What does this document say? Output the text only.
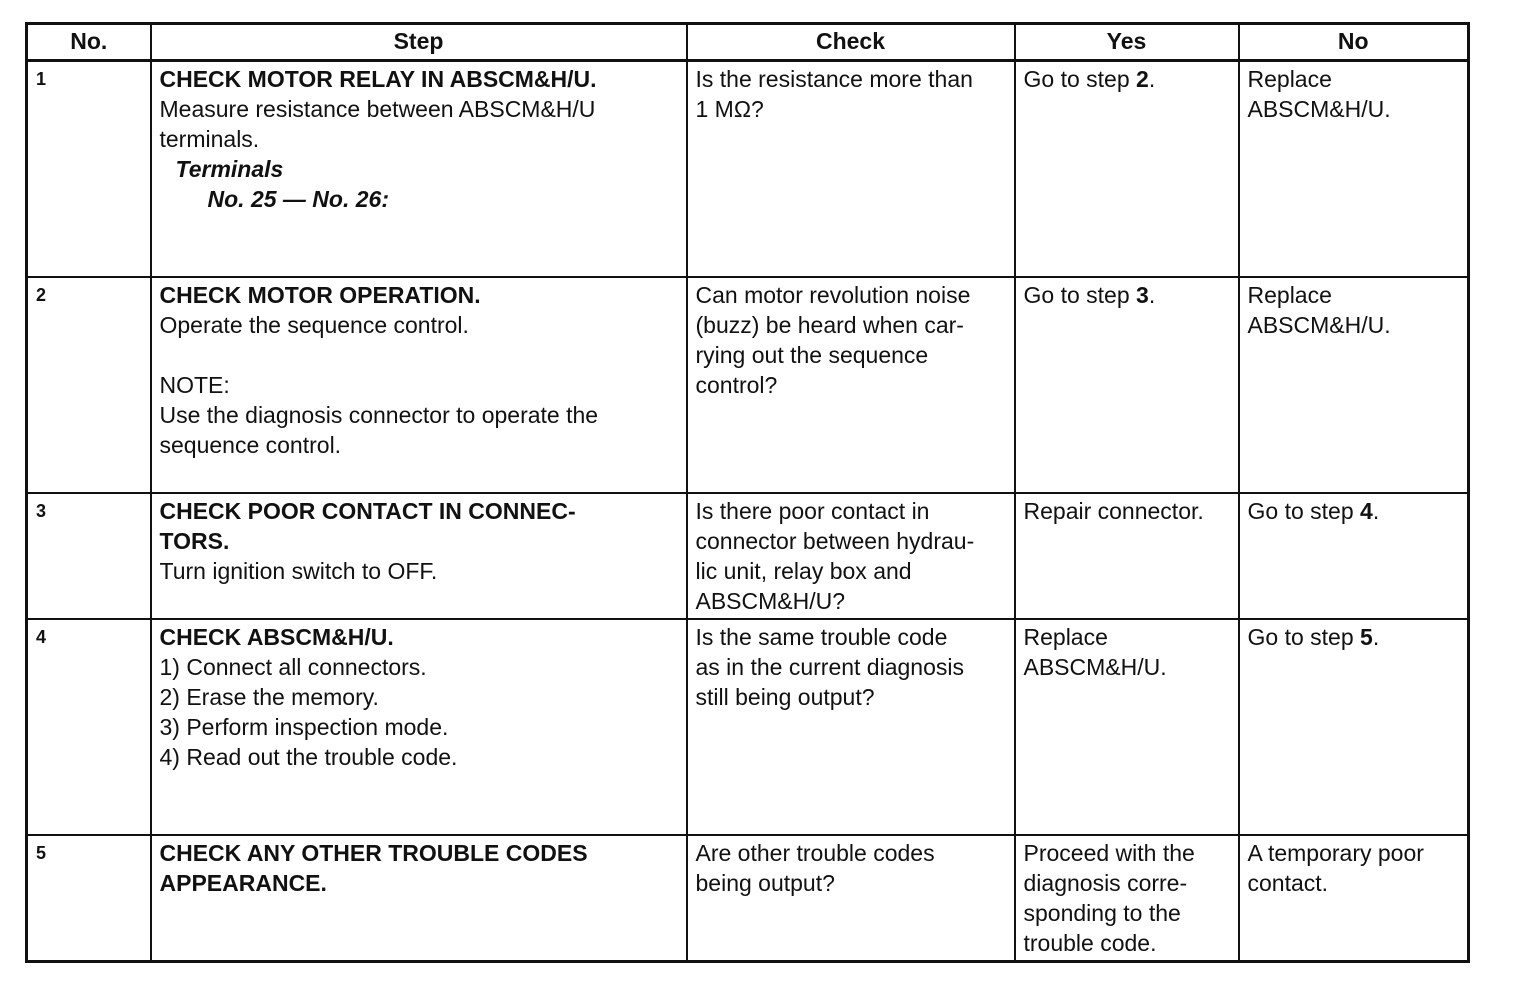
No.	Step	Check	Yes	No
1	CHECK MOTOR RELAY IN ABSCM&H/U.
Measure resistance between ABSCM&H/U
terminals.
Terminals
No. 25 — No. 26:	Is the resistance more than
1 MΩ?	Go to step 2.	Replace
ABSCM&H/U.

2	CHECK MOTOR OPERATION.
Operate the sequence control.
NOTE:
Use the diagnosis connector to operate the
sequence control.	Can motor revolution noise
(buzz) be heard when car-
rying out the sequence
control?	Go to step 3.	Replace
ABSCM&H/U.

3	CHECK POOR CONTACT IN CONNEC-
TORS.
Turn ignition switch to OFF.	Is there poor contact in
connector between hydrau-
lic unit, relay box and
ABSCM&H/U?	Repair connector.	Go to step 4.
4	CHECK ABSCM&H/U.
1) Connect all connectors.
2) Erase the memory.
3) Perform inspection mode.
4) Read out the trouble code.	Is the same trouble code
as in the current diagnosis
still being output?	Replace
ABSCM&H/U.	Go to step 5.
5	CHECK ANY OTHER TROUBLE CODES
APPEARANCE.	Are other trouble codes
being output?	Proceed with the
diagnosis corre-
sponding to the
trouble code.	A temporary poor
contact.
